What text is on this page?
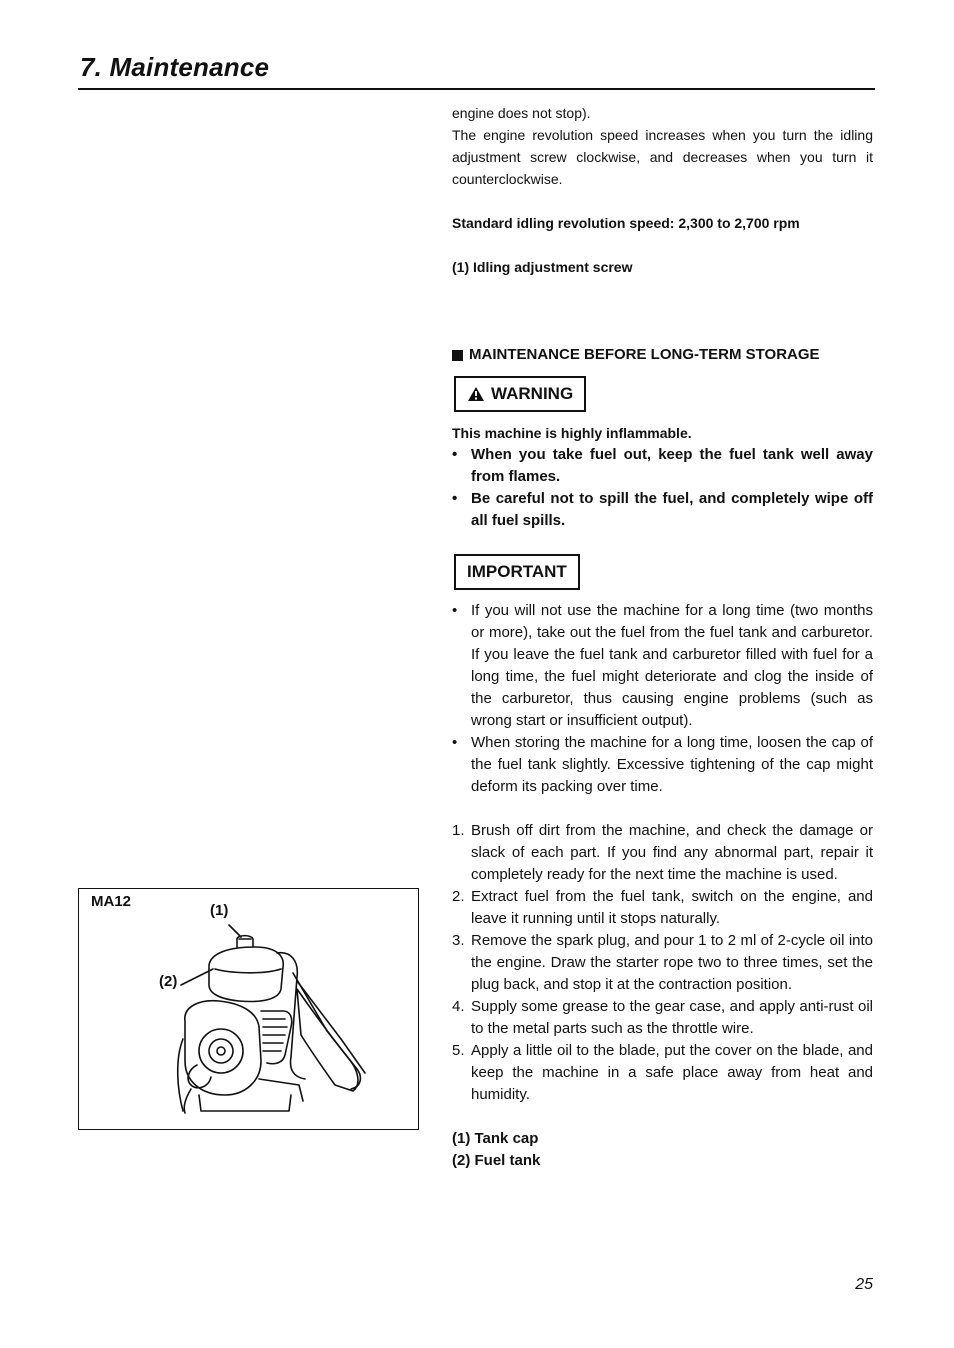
7. Maintenance

engine does not stop).

The engine revolution speed increases when you turn the idling adjustment screw clockwise, and decreases when you turn it counterclockwise.

Standard idling revolution speed: 2,300 to 2,700 rpm

(1) Idling adjustment screw

MAINTENANCE BEFORE LONG-TERM STORAGE
WARNING

This machine is highly inflammable.

• When you take fuel out, keep the fuel tank well away from flames.
• Be careful not to spill the fuel, and completely wipe off all fuel spills.
IMPORTANT
• If you will not use the machine for a long time (two months or more), take out the fuel from the fuel tank and carburetor. If you leave the fuel tank and carburetor filled with fuel for a long time, the fuel might deteriorate and clog the inside of the carburetor, thus causing engine problems (such as wrong start or insufficient output).
• When storing the machine for a long time, loosen the cap of the fuel tank slightly. Excessive tightening of the cap might deform its packing over time.
1. Brush off dirt from the machine, and check the damage or slack of each part. If you find any abnormal part, repair it completely ready for the next time the machine is used.
2. Extract fuel from the fuel tank, switch on the engine, and leave it running until it stops naturally.
3. Remove the spark plug, and pour 1 to 2 ml of 2-cycle oil into the engine. Draw the starter rope two to three times, set the plug back, and stop it at the contraction position.
4. Supply some grease to the gear case, and apply anti-rust oil to the metal parts such as the throttle wire.
5. Apply a little oil to the blade, put the cover on the blade, and keep the machine in a safe place away from heat and humidity.

(1) Tank cap

(2) Fuel tank

MA12
(1)
(2)
25
